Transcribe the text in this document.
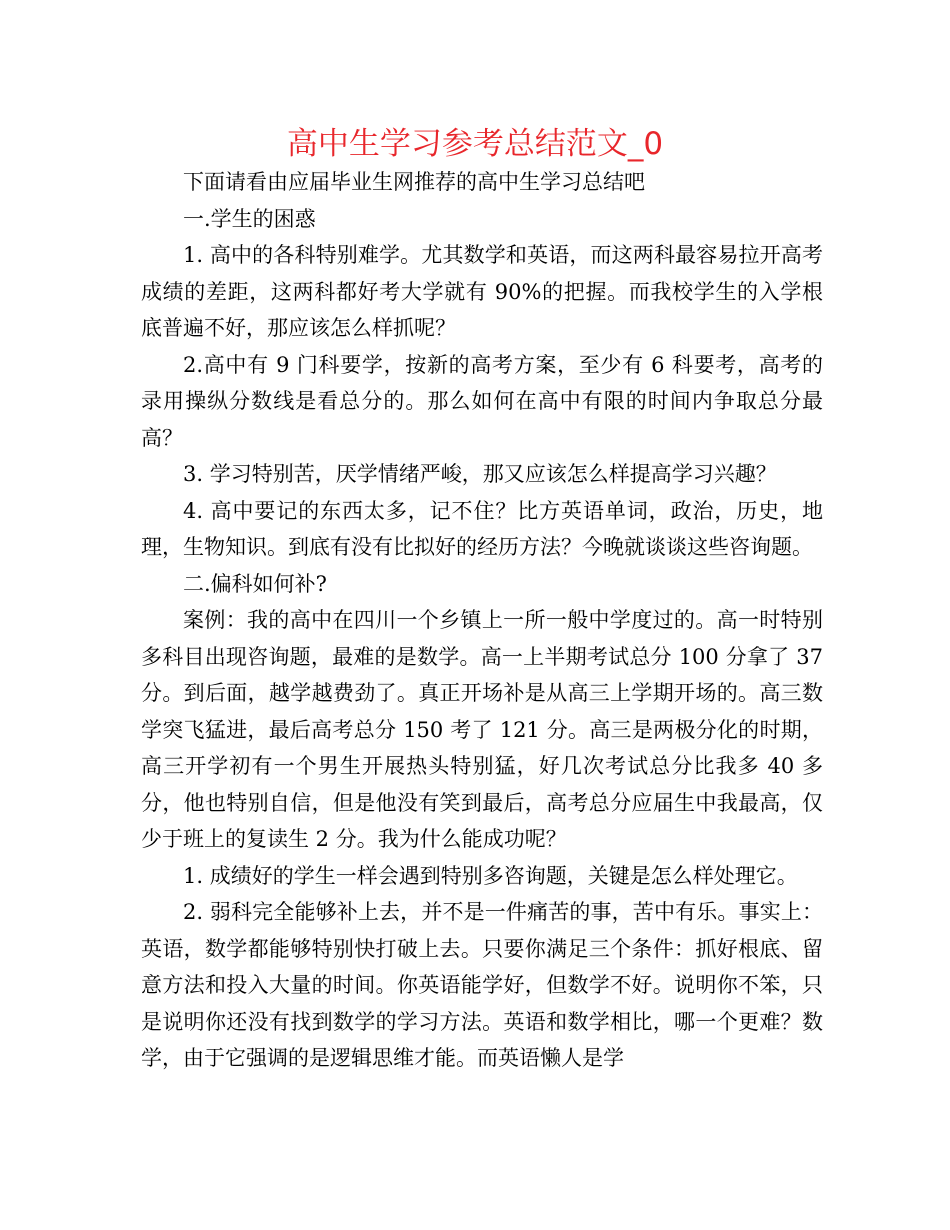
高中生学习参考总结范文_0

下面请看由应届毕业生网推荐的高中生学习总结吧

一.学生的困惑

1. 高中的各科特别难学。尤其数学和英语，而这两科最容易拉开高考成绩的差距，这两科都好考大学就有 90%的把握。而我校学生的入学根底普遍不好，那应该怎么样抓呢？

2.高中有 9 门科要学，按新的高考方案，至少有 6 科要考，高考的录用操纵分数线是看总分的。那么如何在高中有限的时间内争取总分最高？

3. 学习特别苦，厌学情绪严峻，那又应该怎么样提高学习兴趣？

4. 高中要记的东西太多，记不住？比方英语单词，政治，历史，地理，生物知识。到底有没有比拟好的经历方法？今晚就谈谈这些咨询题。

二.偏科如何补?

案例：我的高中在四川一个乡镇上一所一般中学度过的。高一时特别多科目出现咨询题，最难的是数学。高一上半期考试总分 100 分拿了 37 分。到后面，越学越费劲了。真正开场补是从高三上学期开场的。高三数学突飞猛进，最后高考总分 150 考了 121 分。高三是两极分化的时期，高三开学初有一个男生开展热头特别猛，好几次考试总分比我多 40 多分，他也特别自信，但是他没有笑到最后，高考总分应届生中我最高，仅少于班上的复读生 2 分。我为什么能成功呢？

1. 成绩好的学生一样会遇到特别多咨询题，关键是怎么样处理它。

2. 弱科完全能够补上去，并不是一件痛苦的事，苦中有乐。事实上：英语，数学都能够特别快打破上去。只要你满足三个条件：抓好根底、留意方法和投入大量的时间。你英语能学好，但数学不好。说明你不笨，只是说明你还没有找到数学的学习方法。英语和数学相比，哪一个更难？数学，由于它强调的是逻辑思维才能。而英语懒人是学
